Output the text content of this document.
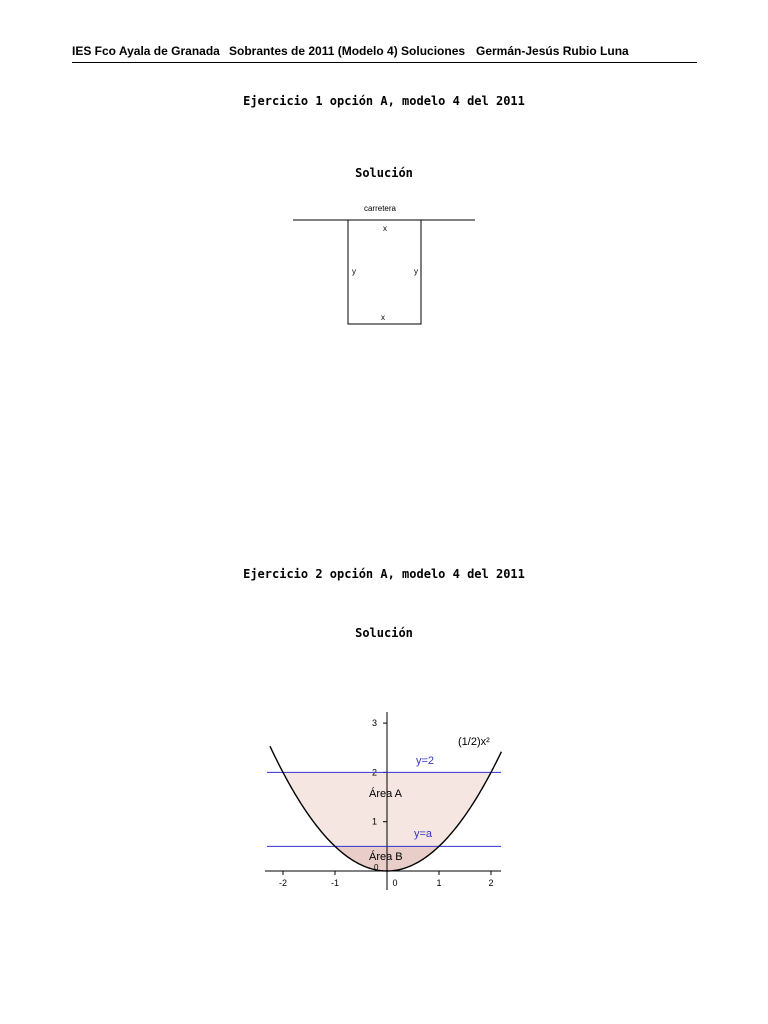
IES Fco Ayala de Granada Sobrantes de 2011 (Modelo 4) Soluciones Germán-Jesús Rubio Luna
Ejercicio 1 opción A, modelo 4 del 2011
Solución
carretera
x
y	y
x
Ejercicio 2 opción A, modelo 4 del 2011
Solución
-2	-1	0	1	2
1
2
3
(1/2)x²
y=2
y=a
Área A
Área B
0
